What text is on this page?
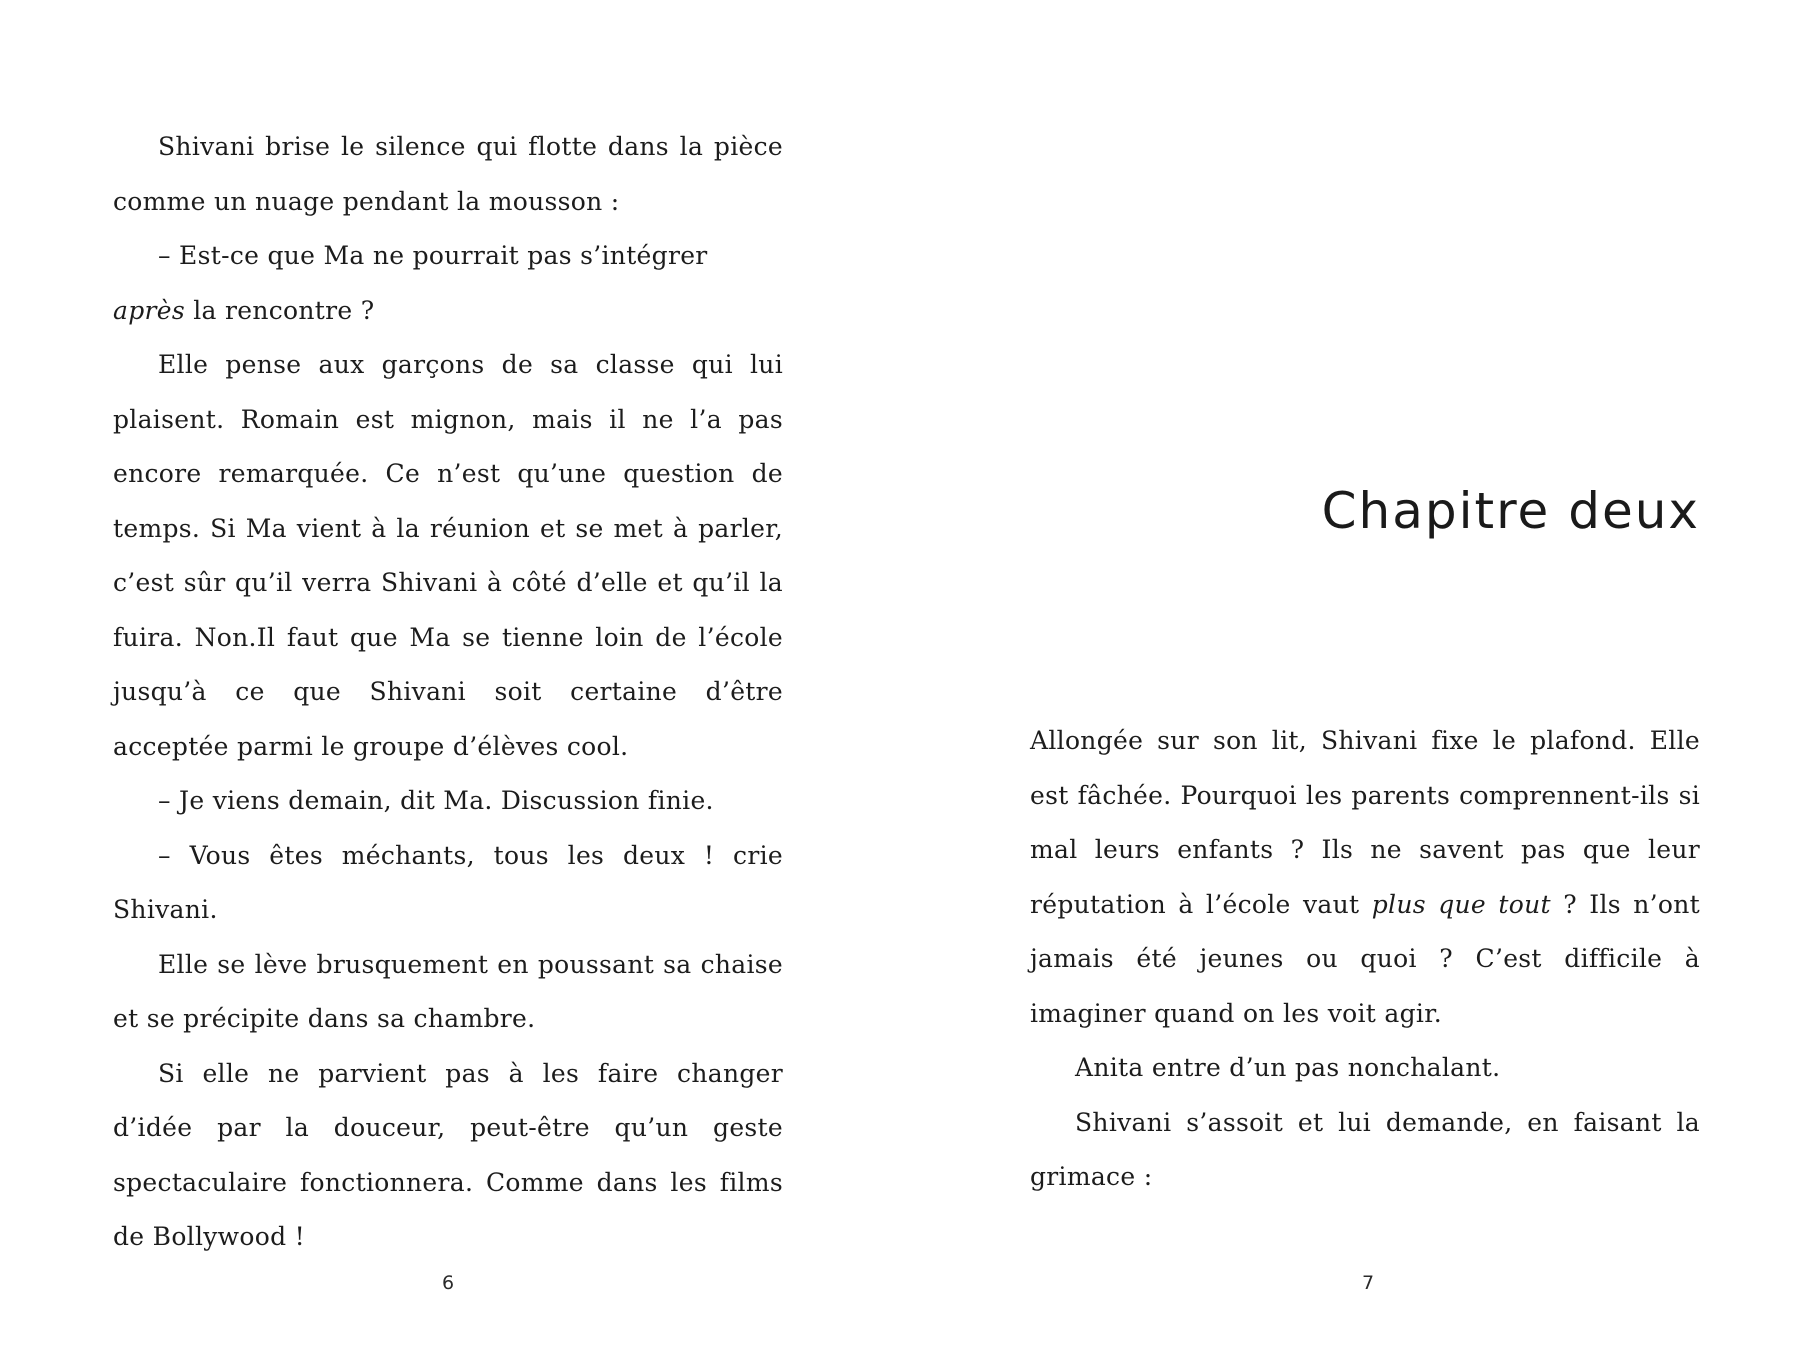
Shivani brise le silence qui flotte dans la pièce comme un nuage pendant la mousson :

– Est-ce que Ma ne pourrait pas s’intégrer

après la rencontre ?

Elle pense aux garçons de sa classe qui lui plaisent. Romain est mignon, mais il ne l’a pas encore remarquée. Ce n’est qu’une question de temps. Si Ma vient à la réunion et se met à parler, c’est sûr qu’il verra Shivani à côté d’elle et qu’il la fuira. Non.Il faut que Ma se tienne loin de l’école jusqu’à ce que Shivani soit certaine d’être acceptée parmi le groupe d’élèves cool.

– Je viens demain, dit Ma. Discussion finie.

– Vous êtes méchants, tous les deux ! crie Shivani.

Elle se lève brusquement en poussant sa chaise et se précipite dans sa chambre.

Si elle ne parvient pas à les faire changer d’idée par la douceur, peut-être qu’un geste spectaculaire fonctionnera. Comme dans les films de Bollywood !

6
Chapitre deux

Allongée sur son lit, Shivani fixe le plafond. Elle est fâchée. Pourquoi les parents comprennent-ils si mal leurs enfants ? Ils ne savent pas que leur réputation à l’école vaut plus que tout ? Ils n’ont jamais été jeunes ou quoi ? C’est difficile à imaginer quand on les voit agir.

Anita entre d’un pas nonchalant.

Shivani s’assoit et lui demande, en faisant la grimace :

7
